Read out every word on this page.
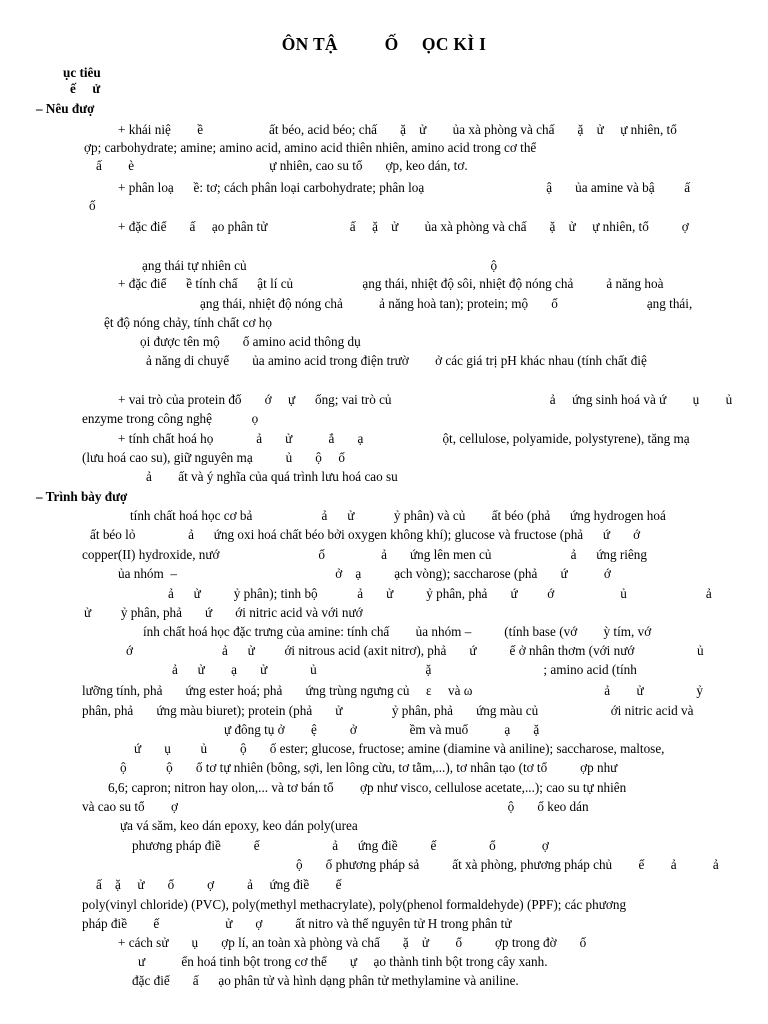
ÔN TẬ          Ố     ỌC KÌ I
ục tiêu
ế     ử
– Nêu đượ
+ khái niệ        ề                    ất béo, acid béo; chấ       ặ    ử        ủa xà phòng và chấ       ặ    ử     ự nhiên, tổ
ợp; carbohydrate; amine; amino acid, amino acid thiên nhiên, amino acid trong cơ thể
ấ        è                                         ự nhiên, cao su tổ       ợp, keo dán, tơ.
+ phân loạ      ề: tơ; cách phân loại carbohydrate; phân loạ                                     ậ       ủa amine và bậ         ấ
ố
+ đặc điể       ấ     ạo phân tử                         ấ     ặ    ử        ủa xà phòng và chấ       ặ    ử     ự nhiên, tổ          ợ
ạng thái tự nhiên củ                                                                          ộ
+ đặc điể      ề tính chấ      ật lí củ                     ạng thái, nhiệt độ sôi, nhiệt độ nóng chả          ả năng hoà
ạng thái, nhiệt độ nóng chả           ả năng hoà tan); protein; mộ       ố                           ạng thái,
ệt độ nóng chảy, tính chất cơ họ
ọi được tên mộ       ố amino acid thông dụ
ả năng di chuyể       ủa amino acid trong điện trườ        ở các giá trị pH khác nhau (tính chất điệ
+ vai trò của protein đố       ớ     ự      ống; vai trò củ                                                ả     ứng sinh hoá và ứ        ụ        ủ
enzyme trong công nghệ            ọ
+ tính chất hoá họ             ả       ử           ắ       ạ                        ột, cellulose, polyamide, polystyrene), tăng mạ
(lưu hoá cao su), giữ nguyên mạ          ủ       ộ     ố
ả        ất và ý nghĩa của quá trình lưu hoá cao su
– Trình bày đượ
tính chất hoá học cơ bả                     ả      ử            ỷ phân) và củ        ất béo (phả      ứng hydrogen hoá
ất béo lỏ                ả      ứng oxi hoá chất béo bởi oxygen không khí); glucose và fructose (phả      ứ       ớ
copper(II) hydroxide, nướ                              ố                 ả       ứng lên men củ                        ả      ứng riêng
ủa nhóm  –                                                ở    ạ          ạch vòng); saccharose (phả       ứ           ớ
ả      ử          ỷ phân); tinh bộ            ả       ử          ỷ phân, phả       ứ         ớ                    ủ                        ả
ử         ỷ phân, phả       ứ       ới nitric acid và với nướ
ính chất hoá học đặc trưng của amine: tính chấ        ủa nhóm –          (tính base (vớ        ỳ tím, vớ
ớ                           ả      ử         ới nitrous acid (axit nitrơ), phả       ứ          ế ở nhân thơm (với nướ                   ủ
ả      ử        ạ       ử             ủ                                 ặ                                  ; amino acid (tính
lưỡng tính, phả       ứng ester hoá; phả       ứng trùng ngưng củ     ε     và ω                                        ả        ử                ỷ
phân, phả       ứng màu biuret); protein (phả       ử               ỷ phân, phả       ứng màu củ                      ới nitric acid và
ự đông tụ ở        ệ          ở                ềm và muố           ạ       ặ
ứ       ụ         ủ          ộ       ố ester; glucose, fructose; amine (diamine và aniline); saccharose, maltose,
ộ            ộ       ố tơ tự nhiên (bông, sợi, len lông cừu, tơ tằm,...), tơ nhân tạo (tơ tổ          ợp như
6,6; capron; nitron hay olon,... và tơ bán tổ        ợp như visco, cellulose acetate,...); cao su tự nhiên
và cao su tổ        ợ                                                                                                    ộ       ố keo dán
ựa vá săm, keo dán epoxy, keo dán poly(urea
phương pháp điề          ế                      ả      ứng điề          ế                ổ              ợ
ộ       ố phương pháp sả          ất xà phòng, phương pháp chủ        ế        ả           ả
ấ    ặ     ử       ổ          ợ          ả     ứng điề        ế
poly(vinyl chloride) (PVC), poly(methyl methacrylate), poly(phenol formaldehyde) (PPF); các phương
pháp điề        ế                    ử       ợ          ất nitro và thế nguyên tử H trong phân tử
+ cách sử       ụ       ợp lí, an toàn xà phòng và chấ       ặ    ử        ổ          ợp trong đờ       ố
ư           ển hoá tinh bột trong cơ thể       ự     ạo thành tinh bột trong cây xanh.
đặc điể       ấ      ạo phân tử và hình dạng phân tử methylamine và aniline.
